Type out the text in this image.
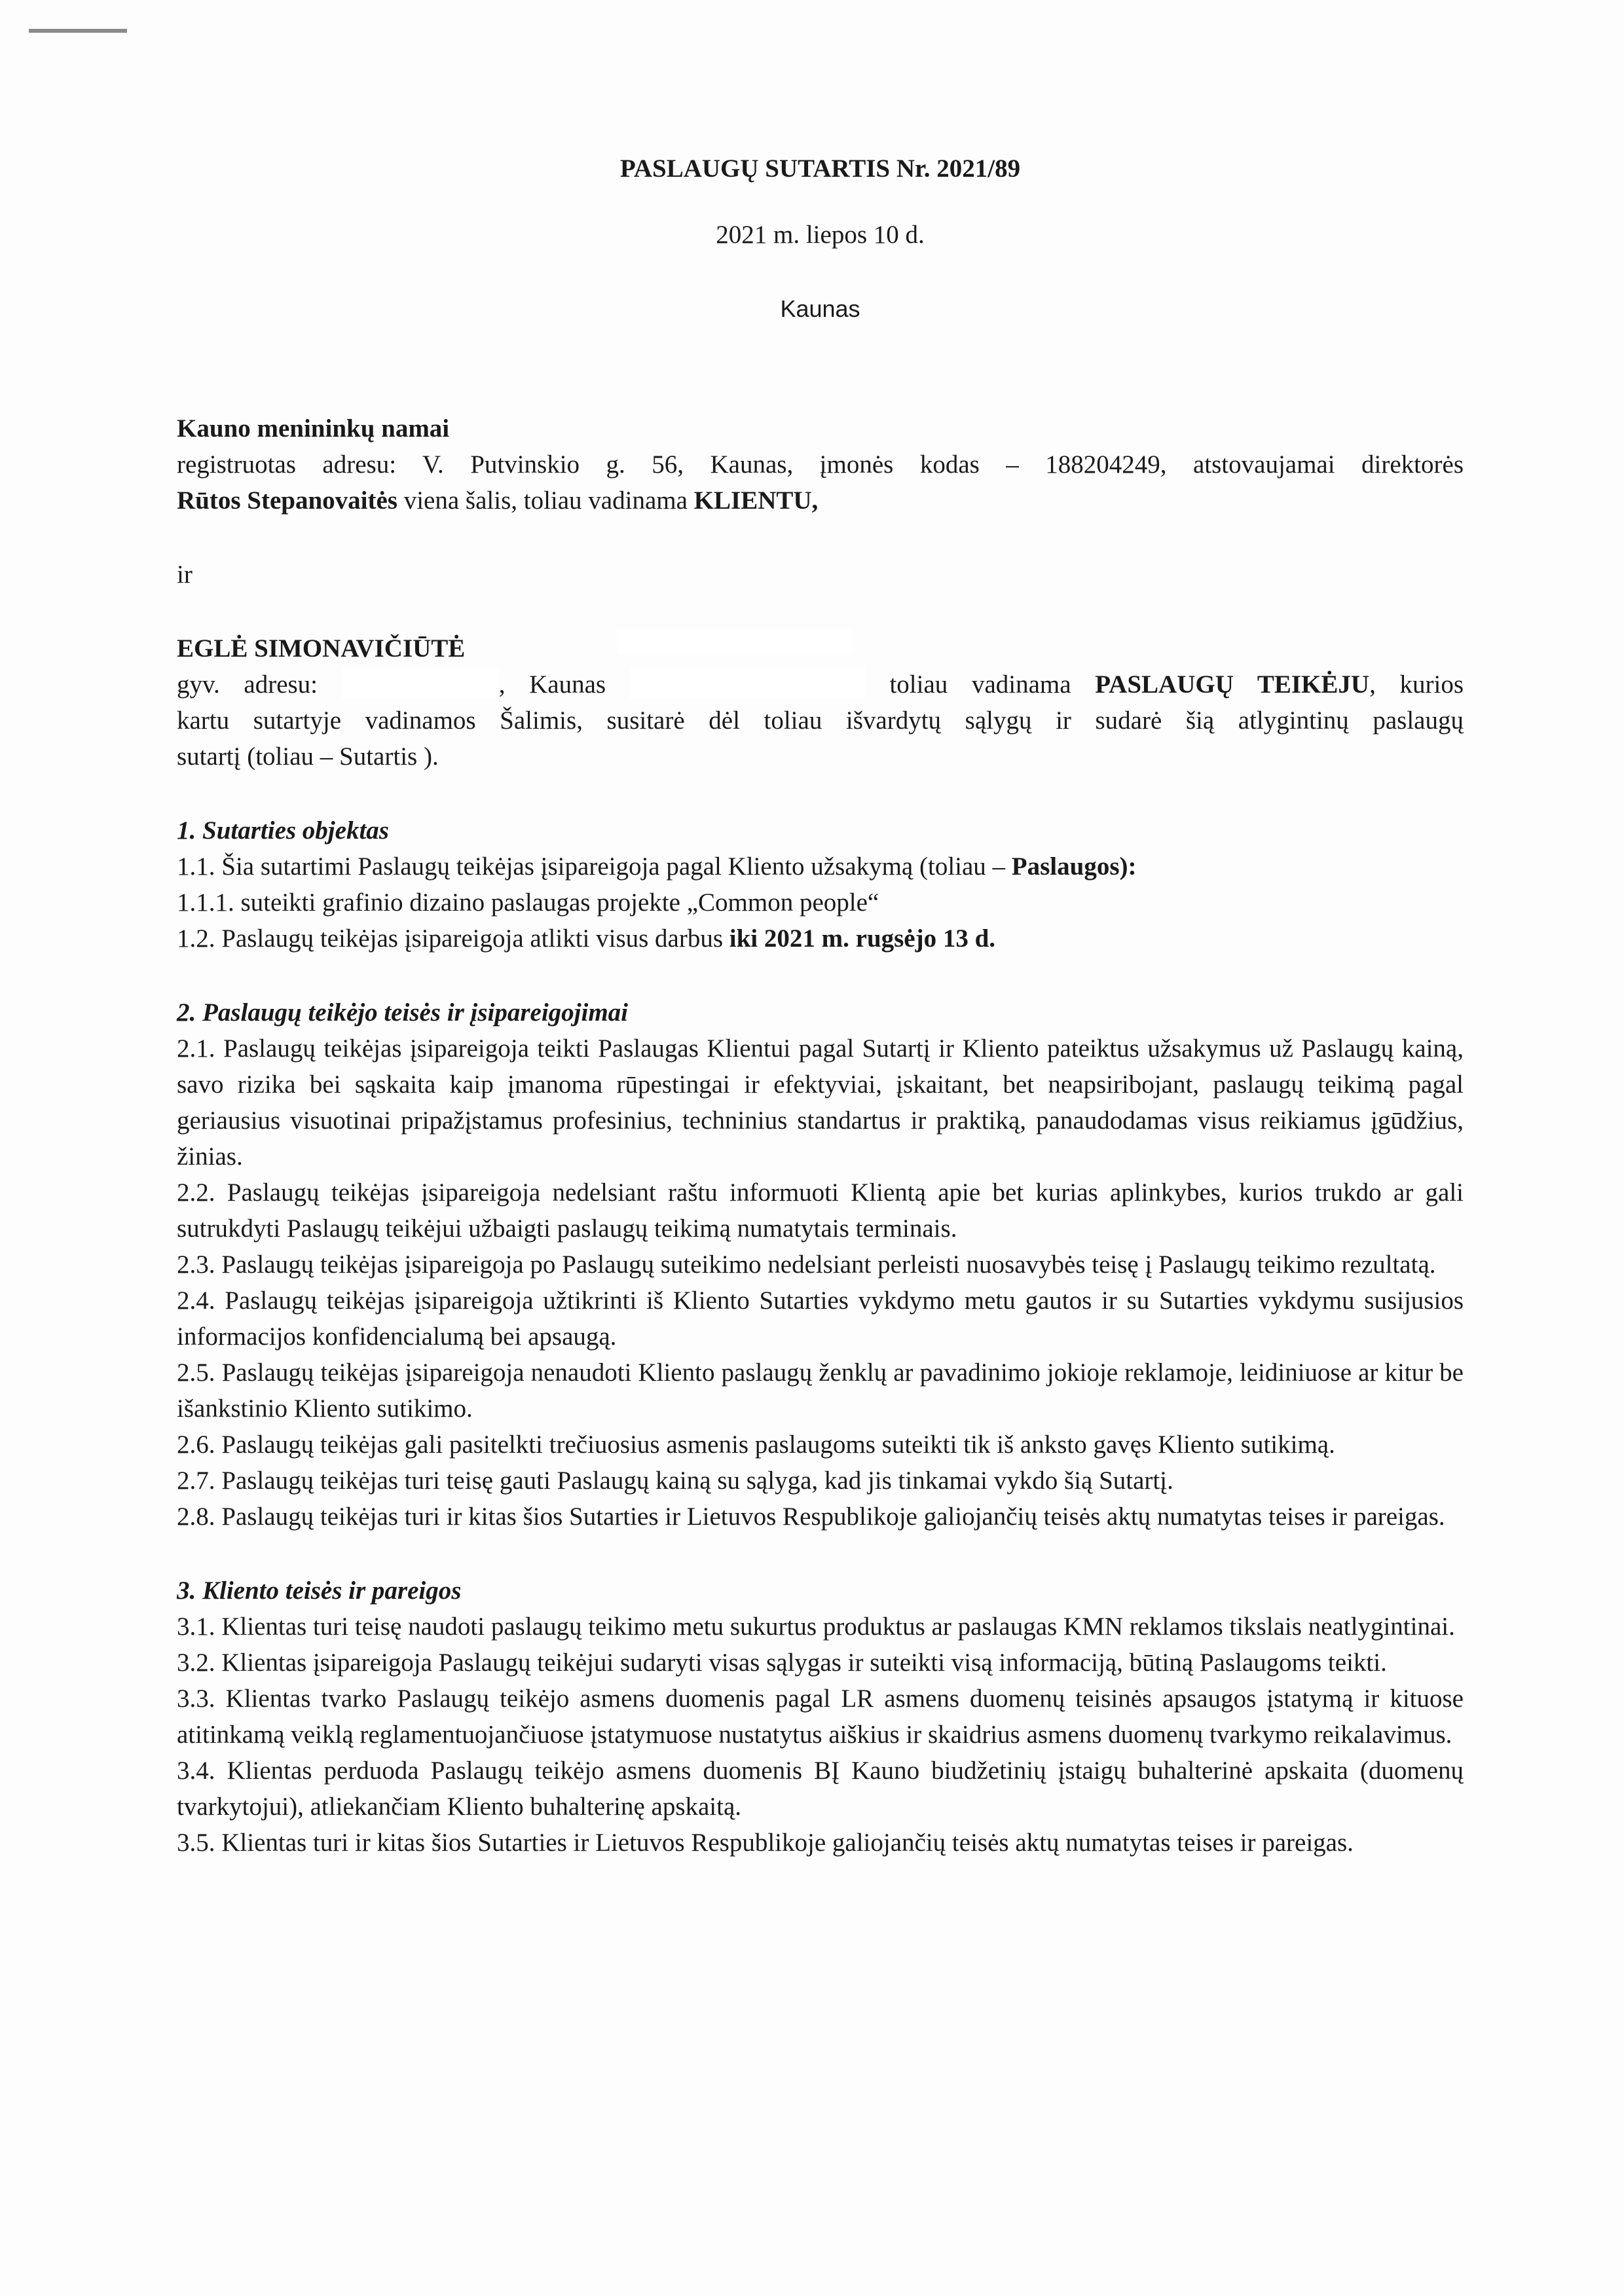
PASLAUGŲ SUTARTIS Nr. 2021/89

2021 m. liepos 10 d.

Kaunas

Kauno menininkų namai

registruotas adresu: V. Putvinskio g. 56, Kaunas, įmonės kodas – 188204249, atstovaujamai direktorės

Rūtos Stepanovaitės viena šalis, toliau vadinama KLIENTU,

ir

EGLĖ SIMONAVIČIŪTĖ

gyv. adresu:	, Kaunas	toliau vadinama PASLAUGŲ TEIKĖJU, kurios

kartu sutartyje vadinamos Šalimis, susitarė dėl toliau išvardytų sąlygų ir sudarė šią atlygintinų paslaugų

sutartį (toliau – Sutartis ).

1. Sutarties objektas

1.1. Šia sutartimi Paslaugų teikėjas įsipareigoja pagal Kliento užsakymą (toliau – Paslaugos):

1.1.1. suteikti grafinio dizaino paslaugas projekte „Common people“

1.2. Paslaugų teikėjas įsipareigoja atlikti visus darbus iki 2021 m. rugsėjo 13 d.

2. Paslaugų teikėjo teisės ir įsipareigojimai

2.1. Paslaugų teikėjas įsipareigoja teikti Paslaugas Klientui pagal Sutartį ir Kliento pateiktus užsakymus už Paslaugų kainą, savo rizika bei sąskaita kaip įmanoma rūpestingai ir efektyviai, įskaitant, bet neapsiribojant, paslaugų teikimą pagal geriausius visuotinai pripažįstamus profesinius, techninius standartus ir praktiką, panaudodamas visus reikiamus įgūdžius, žinias.

2.2. Paslaugų teikėjas įsipareigoja nedelsiant raštu informuoti Klientą apie bet kurias aplinkybes, kurios trukdo ar gali sutrukdyti Paslaugų teikėjui užbaigti paslaugų teikimą numatytais terminais.

2.3. Paslaugų teikėjas įsipareigoja po Paslaugų suteikimo nedelsiant perleisti nuosavybės teisę į Paslaugų teikimo rezultatą.

2.4. Paslaugų teikėjas įsipareigoja užtikrinti iš Kliento Sutarties vykdymo metu gautos ir su Sutarties vykdymu susijusios informacijos konfidencialumą bei apsaugą.

2.5. Paslaugų teikėjas įsipareigoja nenaudoti Kliento paslaugų ženklų ar pavadinimo jokioje reklamoje, leidiniuose ar kitur be išankstinio Kliento sutikimo.

2.6. Paslaugų teikėjas gali pasitelkti trečiuosius asmenis paslaugoms suteikti tik iš anksto gavęs Kliento sutikimą.

2.7. Paslaugų teikėjas turi teisę gauti Paslaugų kainą su sąlyga, kad jis tinkamai vykdo šią Sutartį.

2.8. Paslaugų teikėjas turi ir kitas šios Sutarties ir Lietuvos Respublikoje galiojančių teisės aktų numatytas teises ir pareigas.

3. Kliento teisės ir pareigos

3.1. Klientas turi teisę naudoti paslaugų teikimo metu sukurtus produktus ar paslaugas KMN reklamos tikslais neatlygintinai.

3.2. Klientas įsipareigoja Paslaugų teikėjui sudaryti visas sąlygas ir suteikti visą informaciją, būtiną Paslaugoms teikti.

3.3. Klientas tvarko Paslaugų teikėjo asmens duomenis pagal LR asmens duomenų teisinės apsaugos įstatymą ir kituose atitinkamą veiklą reglamentuojančiuose įstatymuose nustatytus aiškius ir skaidrius asmens duomenų tvarkymo reikalavimus.

3.4. Klientas perduoda Paslaugų teikėjo asmens duomenis BĮ Kauno biudžetinių įstaigų buhalterinė apskaita (duomenų tvarkytojui), atliekančiam Kliento buhalterinę apskaitą.

3.5. Klientas turi ir kitas šios Sutarties ir Lietuvos Respublikoje galiojančių teisės aktų numatytas teises ir pareigas.
